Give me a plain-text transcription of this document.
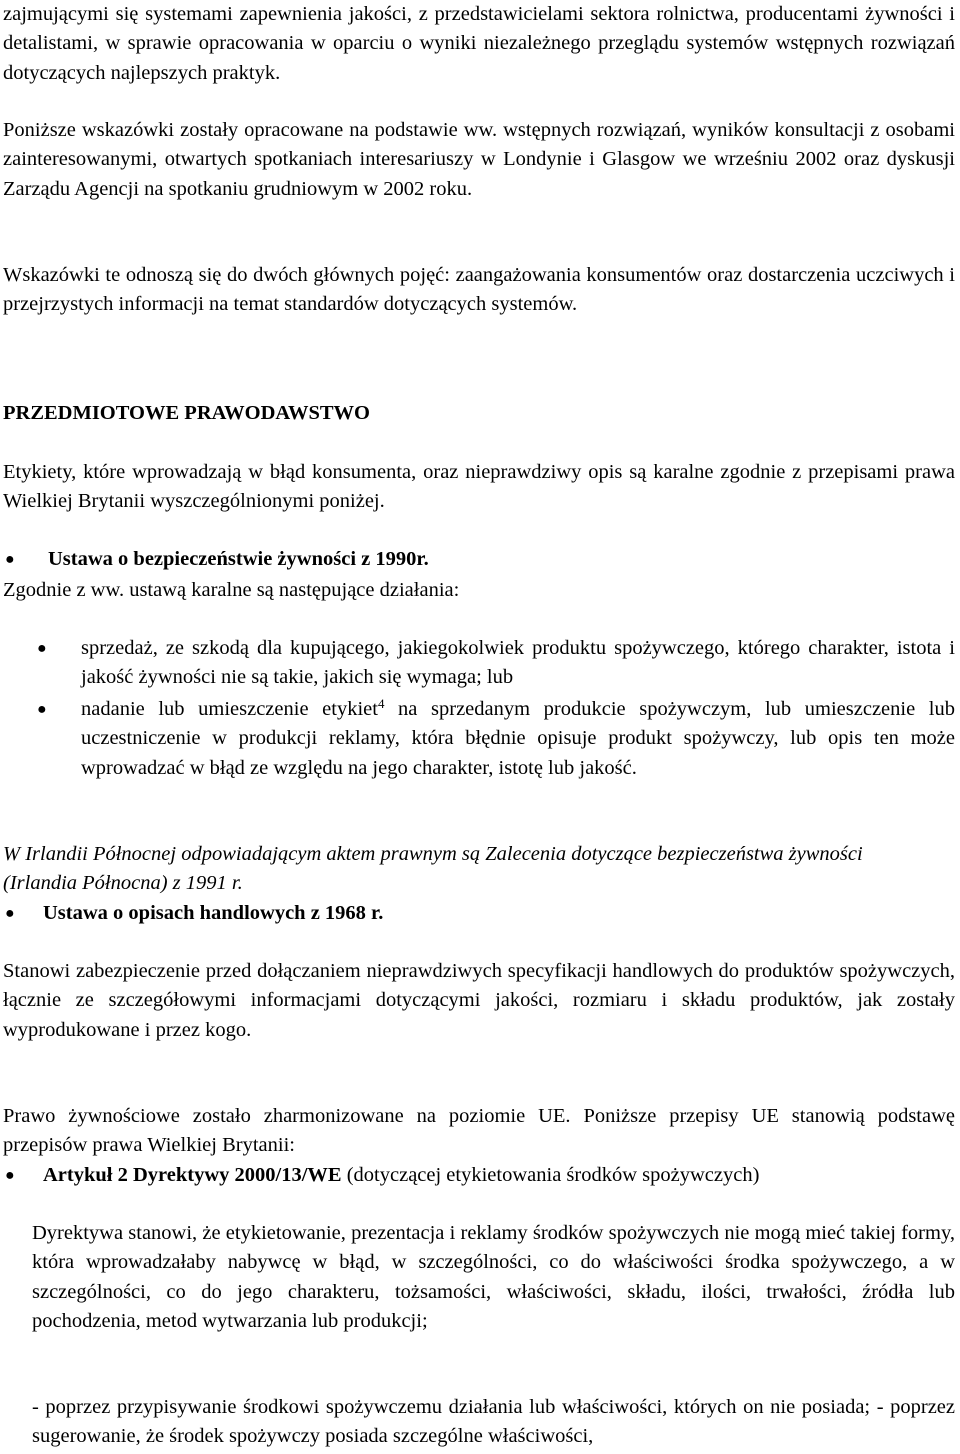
zajmującymi się systemami zapewnienia jakości, z przedstawicielami sektora rolnictwa, producentami żywności i detalistami, w sprawie opracowania w oparciu o wyniki niezależnego przeglądu systemów wstępnych rozwiązań dotyczących najlepszych praktyk.

Poniższe wskazówki zostały opracowane na podstawie ww. wstępnych rozwiązań, wyników konsultacji z osobami zainteresowanymi, otwartych spotkaniach interesariuszy w Londynie i Glasgow we wrześniu 2002 oraz dyskusji Zarządu Agencji na spotkaniu grudniowym w 2002 roku.

Wskazówki te odnoszą się do dwóch głównych pojęć: zaangażowania konsumentów oraz dostarczenia uczciwych i przejrzystych informacji na temat standardów dotyczących systemów.

PRZEDMIOTOWE PRAWODAWSTWO

Etykiety, które wprowadzają w błąd konsumenta, oraz nieprawdziwy opis są karalne zgodnie z przepisami prawa Wielkiej Brytanii wyszczególnionymi poniżej.

● Ustawa o bezpieczeństwie żywności z 1990r.

Zgodnie z ww. ustawą karalne są następujące działania:

● sprzedaż, ze szkodą dla kupującego, jakiegokolwiek produktu spożywczego, którego charakter, istota i jakość żywności nie są takie, jakich się wymaga; lub

● nadanie lub umieszczenie etykiet$^4$ na sprzedanym produkcie spożywczym, lub umieszczenie lub uczestniczenie w produkcji reklamy, która błędnie opisuje produkt spożywczy, lub opis ten może wprowadzać w błąd ze względu na jego charakter, istotę lub jakość.

W Irlandii Północnej odpowiadającym aktem prawnym są Zalecenia dotyczące bezpieczeństwa żywności (Irlandia Północna) z 1991 r.

● Ustawa o opisach handlowych z 1968 r.

Stanowi zabezpieczenie przed dołączaniem nieprawdziwych specyfikacji handlowych do produktów spożywczych, łącznie ze szczegółowymi informacjami dotyczącymi jakości, rozmiaru i składu produktów, jak zostały wyprodukowane i przez kogo.

Prawo żywnościowe zostało zharmonizowane na poziomie UE. Poniższe przepisy UE stanowią podstawę przepisów prawa Wielkiej Brytanii:

● Artykuł 2 Dyrektywy 2000/13/WE (dotyczącej etykietowania środków spożywczych)

Dyrektywa stanowi, że etykietowanie, prezentacja i reklamy środków spożywczych nie mogą mieć takiej formy, która wprowadzałaby nabywcę w błąd, w szczególności, co do właściwości środka spożywczego, a w szczególności, co do jego charakteru, tożsamości, właściwości, składu, ilości, trwałości, źródła lub pochodzenia, metod wytwarzania lub produkcji;

- poprzez przypisywanie środkowi spożywczemu działania lub właściwości, których on nie posiada; - poprzez sugerowanie, że środek spożywczy posiada szczególne właściwości,
